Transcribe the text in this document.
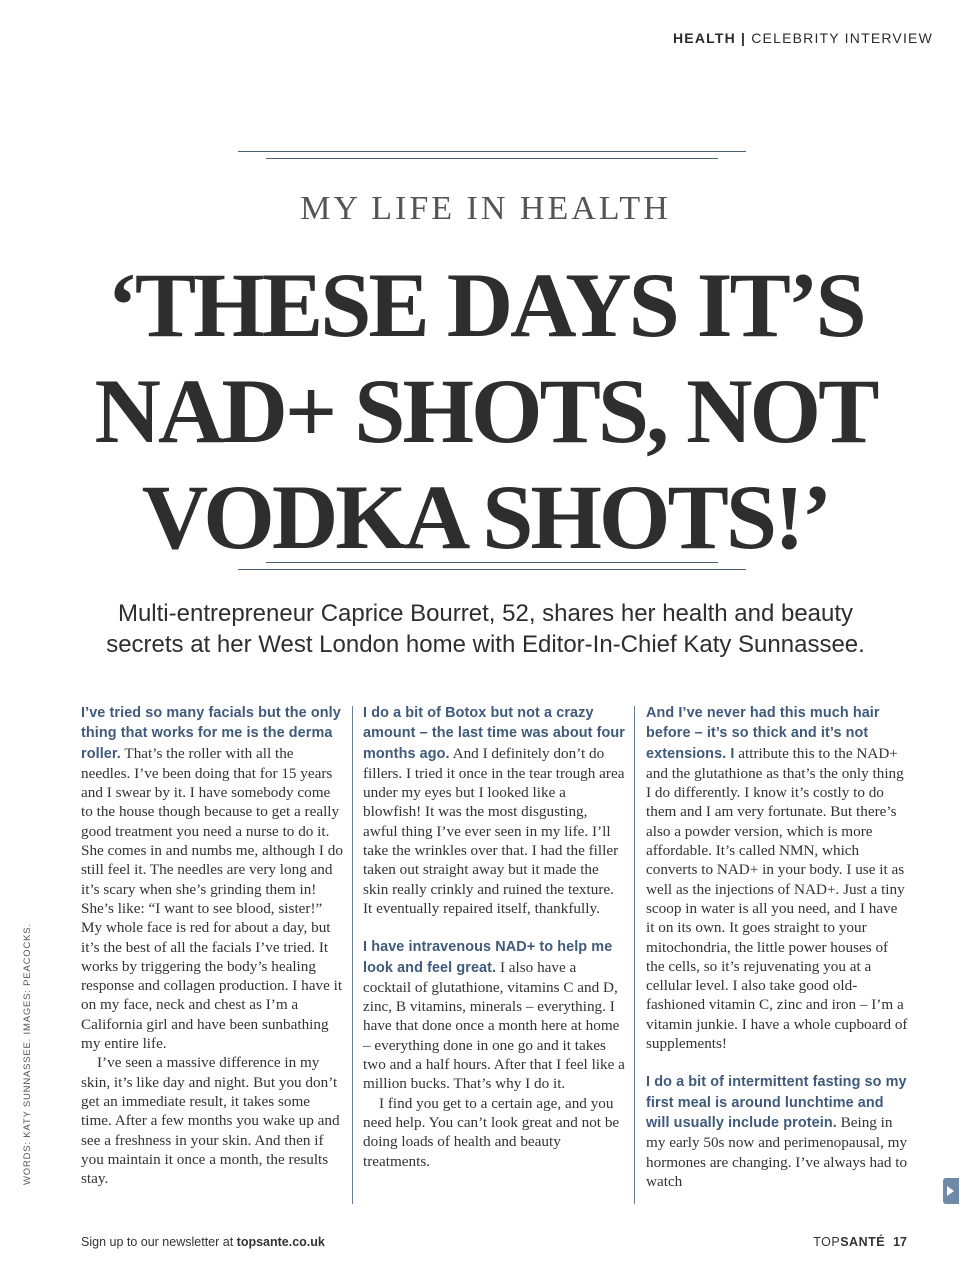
HEALTH | CELEBRITY INTERVIEW
MY LIFE IN HEALTH
‘THESE DAYS IT’S
NAD+ SHOTS, NOT
VODKA SHOTS!’
Multi-entrepreneur Caprice Bourret, 52, shares her health and beauty
secrets at her West London home with Editor-In-Chief Katy Sunnassee.

I’ve tried so many facials but the only thing that works for me is the derma roller. That’s the roller with all the needles. I’ve been doing that for 15 years and I swear by it. I have somebody come to the house though because to get a really good treatment you need a nurse to do it. She comes in and numbs me, although I do still feel it. The needles are very long and it’s scary when she’s grinding them in! She’s like: “I want to see blood, sister!” My whole face is red for about a day, but it’s the best of all the facials I’ve tried. It works by triggering the body’s healing response and collagen production. I have it on my face, neck and chest as I’m a California girl and have been sunbathing my entire life.

I’ve seen a massive difference in my skin, it’s like day and night. But you don’t get an immediate result, it takes some time. After a few months you wake up and see a freshness in your skin. And then if you maintain it once a month, the results stay.

I do a bit of Botox but not a crazy amount – the last time was about four months ago. And I definitely don’t do fillers. I tried it once in the tear trough area under my eyes but I looked like a blowfish! It was the most disgusting, awful thing I’ve ever seen in my life. I’ll take the wrinkles over that. I had the filler taken out straight away but it made the skin really crinkly and ruined the texture. It eventually repaired itself, thankfully.

I have intravenous NAD+ to help me look and feel great. I also have a cocktail of glutathione, vitamins C and D, zinc, B vitamins, minerals – everything. I have that done once a month here at home – everything done in one go and it takes two and a half hours. After that I feel like a million bucks. That’s why I do it.

I find you get to a certain age, and you need help. You can’t look great and not be doing loads of health and beauty treatments.

And I’ve never had this much hair before – it’s so thick and it’s not extensions. I attribute this to the NAD+ and the glutathione as that’s the only thing I do differently. I know it’s costly to do them and I am very fortunate. But there’s also a powder version, which is more affordable. It’s called NMN, which converts to NAD+ in your body. I use it as well as the injections of NAD+. Just a tiny scoop in water is all you need, and I have it on its own. It goes straight to your mitochondria, the little power houses of the cells, so it’s rejuvenating you at a cellular level. I also take good old-fashioned vitamin C, zinc and iron – I’m a vitamin junkie. I have a whole cupboard of supplements!

I do a bit of intermittent fasting so my first meal is around lunchtime and will usually include protein. Being in my early 50s now and perimenopausal, my hormones are changing. I’ve always had to watch

WORDS: KATY SUNNASSEE. IMAGES: PEACOCKS.
Sign up to our newsletter at topsante.co.uk	TOPSANTÉ 17
